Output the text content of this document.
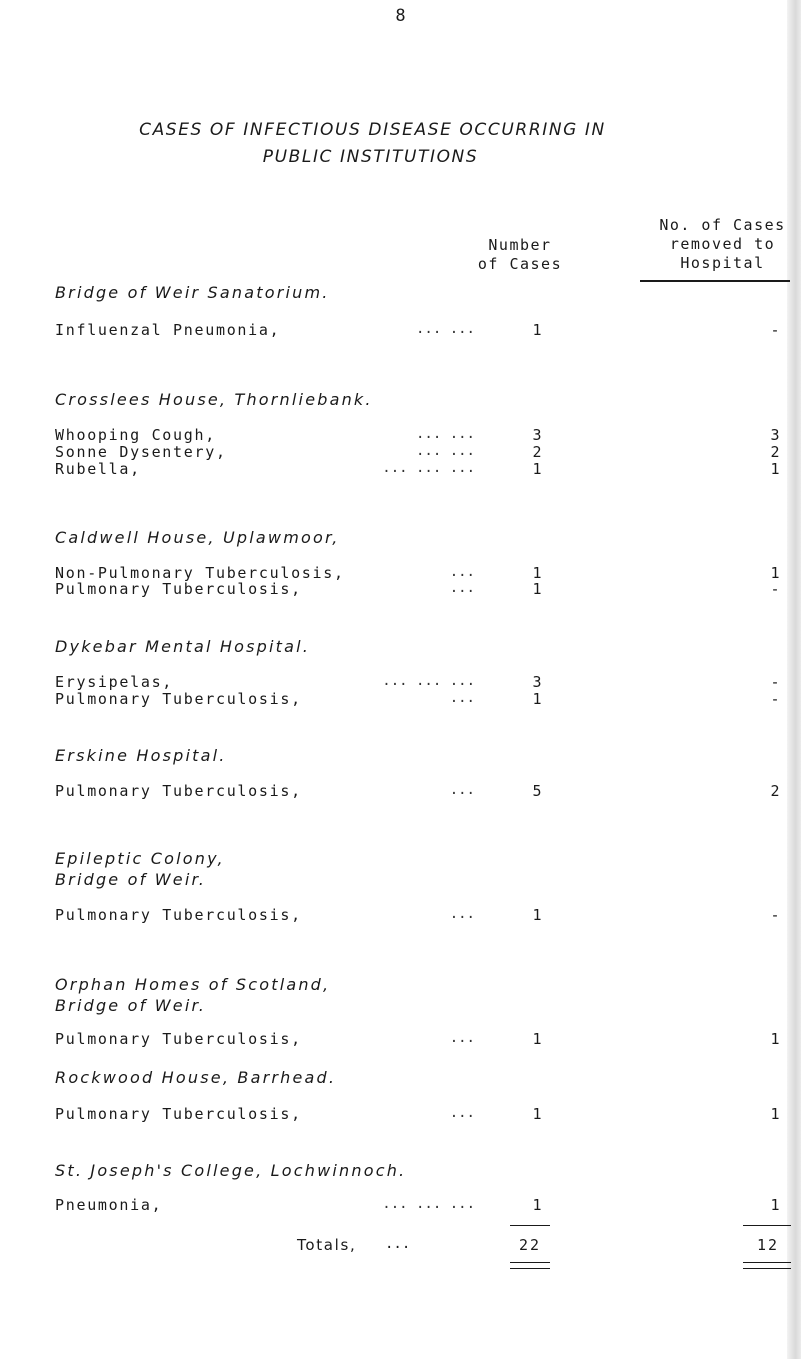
8
CASES OF INFECTIOUS DISEASE OCCURRING IN
PUBLIC INSTITUTIONS
Number
of Cases
No. of Cases
removed to
Hospital
Bridge of Weir Sanatorium.
Influenzal Pneumonia,	... ...	1	-
Crosslees House, Thornliebank.
Whooping Cough,	... ...	3	3
Sonne Dysentery,	... ...	2	2
Rubella,	... ... ...	1	1
Caldwell House, Uplawmoor,
Non-Pulmonary Tuberculosis,	...	1	1
Pulmonary Tuberculosis,	...	1	-
Dykebar Mental Hospital.
Erysipelas,	... ... ...	3	-
Pulmonary Tuberculosis,	...	1	-
Erskine Hospital.
Pulmonary Tuberculosis,	...	5	2
Epileptic Colony,
Bridge of Weir.
Pulmonary Tuberculosis,	...	1	-
Orphan Homes of Scotland,
Bridge of Weir.
Pulmonary Tuberculosis,	...	1	1
Rockwood House, Barrhead.
Pulmonary Tuberculosis,	...	1	1
St. Joseph's College, Lochwinnoch.
Pneumonia,	... ... ...	1	1
Totals, ...	22	12
